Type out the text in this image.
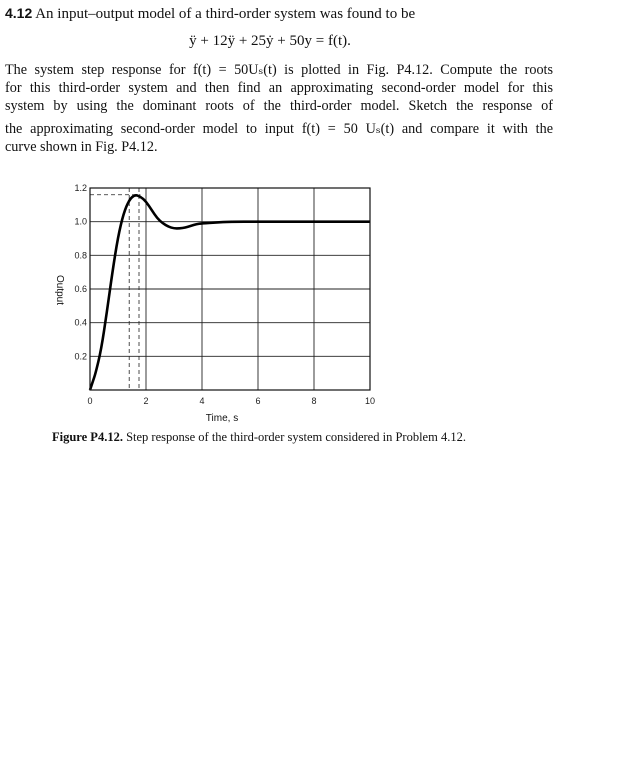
4.12 An input–output model of a third-order system was found to be
ÿ + 12ÿ + 25ẏ + 50y = f(t).
The system step response for f(t) = 50Uₛ(t) is plotted in Fig. P4.12. Compute the roots
for this third-order system and then find an approximating second-order model for this
system by using the dominant roots of the third-order model. Sketch the response of
the approximating second-order model to input f(t) = 50 Uₛ(t) and compare it with the
curve shown in Fig. P4.12.
0	2	4	6	8	10
0.2
0.4
0.6
0.8
1.0
1.2
Time, s
Output
Figure P4.12. Step response of the third-order system considered in Problem 4.12.
